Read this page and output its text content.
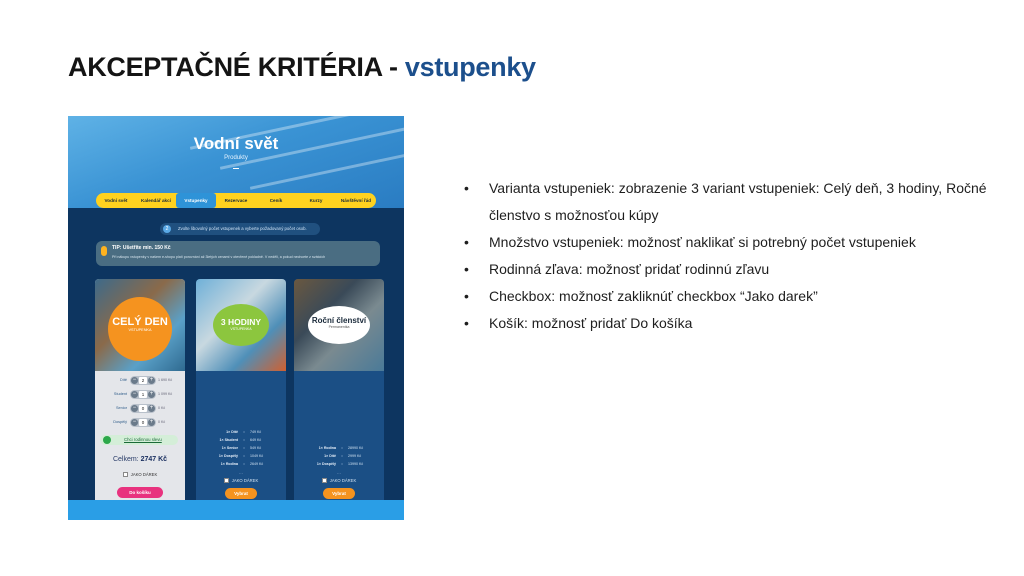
AKCEPTAČNÉ KRITÉRIA - vstupenky
Vodní svět
Produkty
Vodní svět	Kalendář akcí	Vstupenky	Rezervace	Ceník	Kurzy	Návštěvní řád
2	Zvolte libovolný počet vstupenek a vyberte požadovaný počet osob.
TIP: Ušetříte min. 150 Kč
Při nákupu vstupenky v našem e-shopu platí porovnání až 3letých cenami v otevřené pokladně. V neděli, a pokud nechcete z svátcích
CELÝ DEN
VSTUPENKA
Dítě −	2 +	1 690 Kč
Student −	1 +	1 099 Kč
Senior −	0 +	0 Kč
Dospělý −	0 +	0 Kč
Chci rodinnou slevu
Celkem: 2747 Kč
JAKO DÁREK
Do košíku
3 HODINY
VSTUPENKA
1× Dítě = 749 Kč
1× Student = 649 Kč
1× Senior = 549 Kč
1× Dospělý = 1049 Kč
1× Rodina = 2649 Kč
...
JAKO DÁREK
Vybrat
Roční členství
Permanentka
1× Rodina = 28990 Kč
1× Dítě = 2999 Kč
1× Dospělý = 13990 Kč
...
JAKO DÁREK
Vybrat
• Varianta vstupeniek: zobrazenie 3 variant vstupeniek: Celý deň, 3 hodiny, Ročné členstvo s možnosťou kúpy
• Množstvo vstupeniek: možnosť naklikať si potrebný počet vstupeniek
• Rodinná zľava: možnosť pridať rodinnú zľavu
• Checkbox: možnosť zakliknúť checkbox “Jako darek”
• Košík: možnosť pridať Do košíka
